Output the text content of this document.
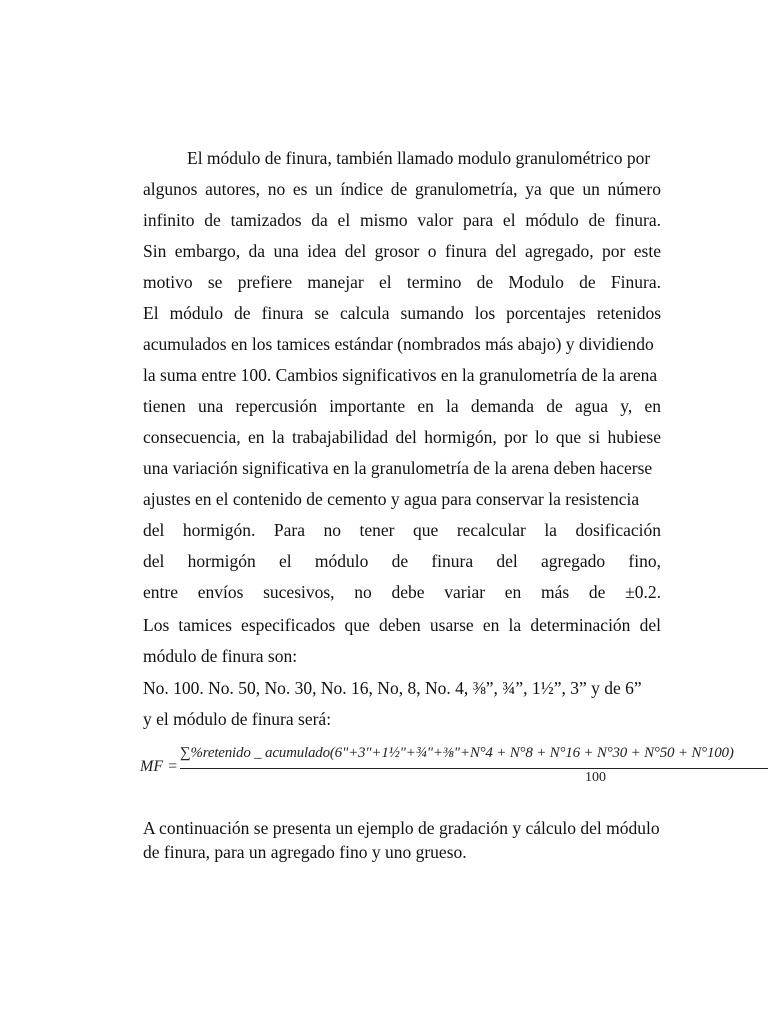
El módulo de finura, también llamado modulo granulométrico por
algunos autores, no es un índice de granulometría, ya que un número
infinito de tamizados da el mismo valor para el módulo de finura.
Sin embargo, da una idea del grosor o finura del agregado, por este
motivo se prefiere manejar el termino de Modulo de Finura.
El módulo de finura se calcula sumando los porcentajes retenidos
acumulados en los tamices estándar (nombrados más abajo) y dividiendo
la suma entre 100. Cambios significativos en la granulometría de la arena
tienen una repercusión importante en la demanda de agua y, en
consecuencia, en la trabajabilidad del hormigón, por lo que si hubiese
una variación significativa en la granulometría de la arena deben hacerse
ajustes en el contenido de cemento y agua para conservar la resistencia
del hormigón. Para no tener que recalcular la dosificación
del hormigón el módulo de finura del agregado fino,
entre envíos sucesivos, no debe variar en más de ±0.2.
Los tamices especificados que deben usarse en la determinación del
módulo de finura son:
No. 100. No. 50, No. 30, No. 16, No, 8, No. 4, ⅜”, ¾”, 1½”, 3” y de 6”
y el módulo de finura será:
MF =
∑%retenido _ acumulado(6"+3"+1½"+¾"+⅜"+N°4 + N°8 + N°16 + N°30 + N°50 + N°100)
100
A continuación se presenta un ejemplo de gradación y cálculo del módulo
de finura, para un agregado fino y uno grueso.
